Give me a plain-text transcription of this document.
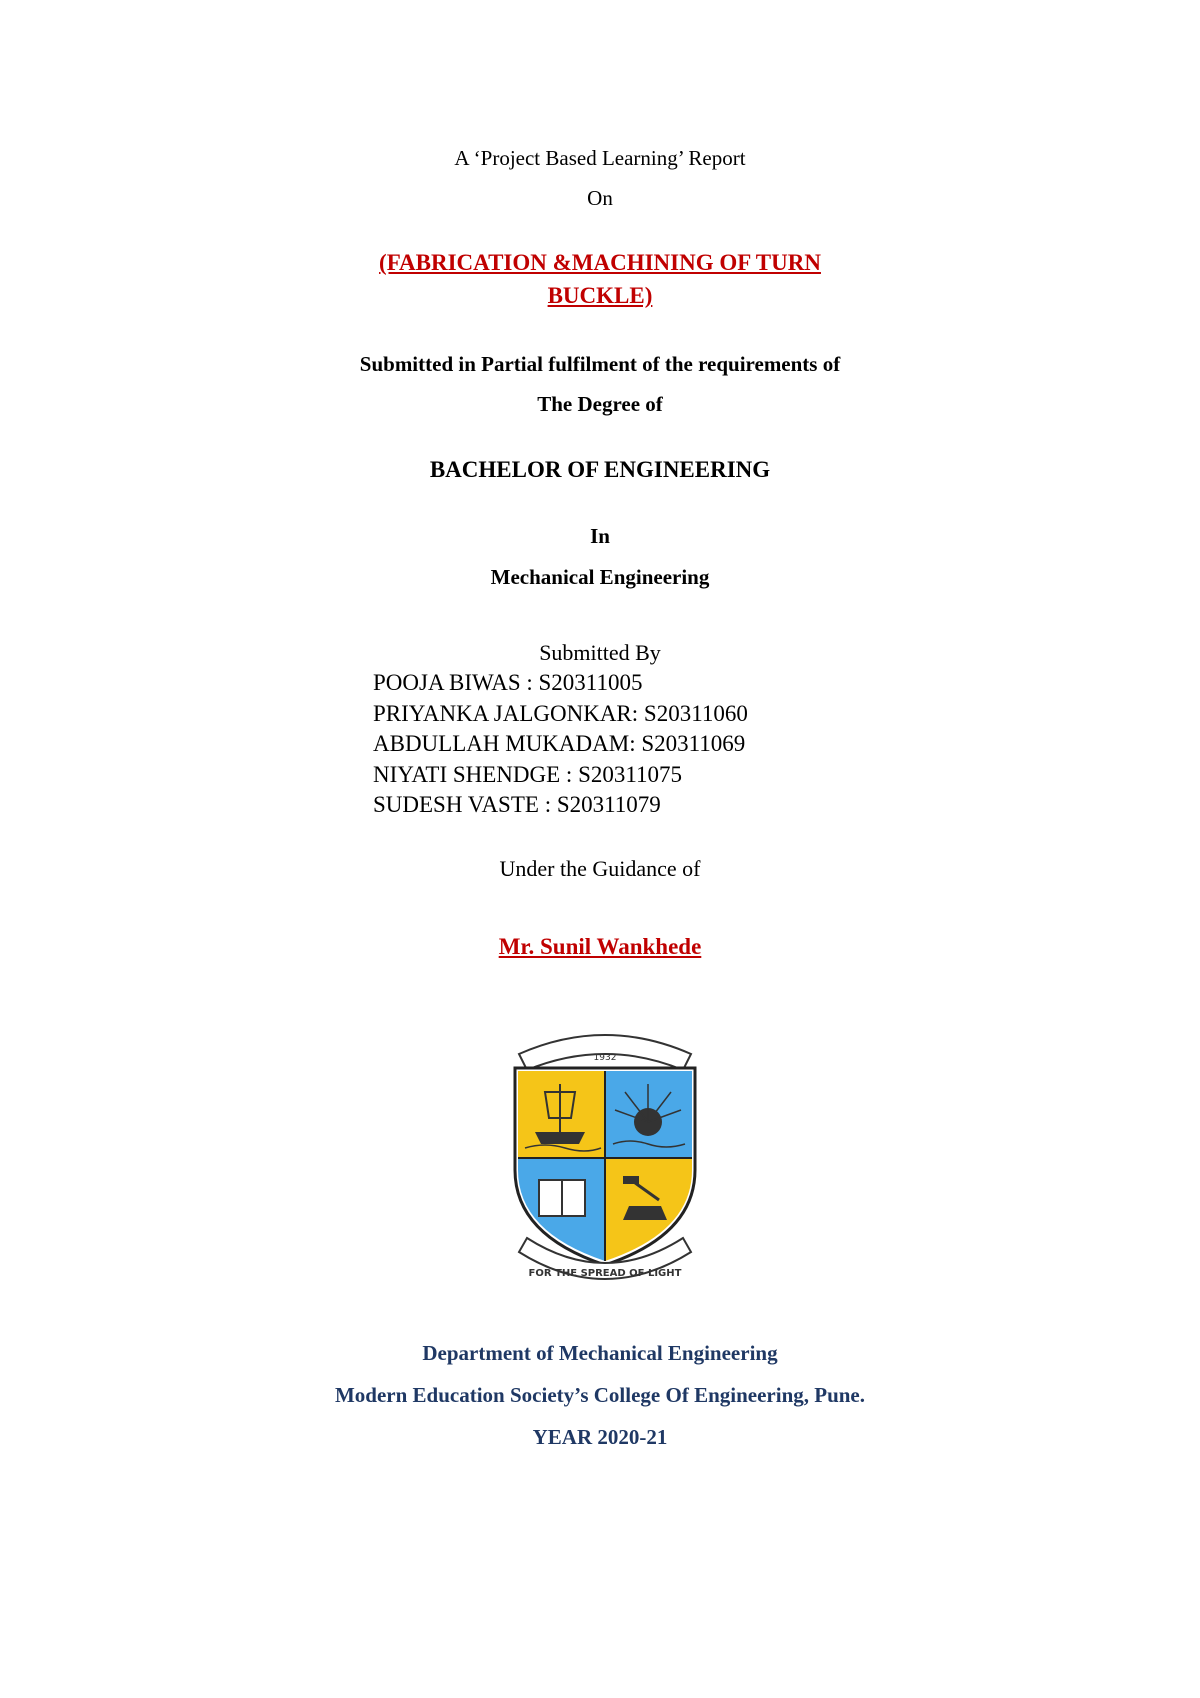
A ‘Project Based Learning’ Report
On
(FABRICATION &MACHINING OF TURN
BUCKLE)
Submitted in Partial fulfilment of the requirements of
The Degree of
BACHELOR OF ENGINEERING
In
Mechanical Engineering
Submitted By
POOJA BIWAS : S20311005
PRIYANKA JALGONKAR: S20311060
ABDULLAH MUKADAM: S20311069
NIYATI SHENDGE : S20311075
SUDESH VASTE : S20311079
Under the Guidance of
Mr. Sunil Wankhede
1932
FOR THE SPREAD OF LIGHT
Department of Mechanical Engineering
Modern Education Society’s College Of Engineering, Pune.
YEAR 2020-21
